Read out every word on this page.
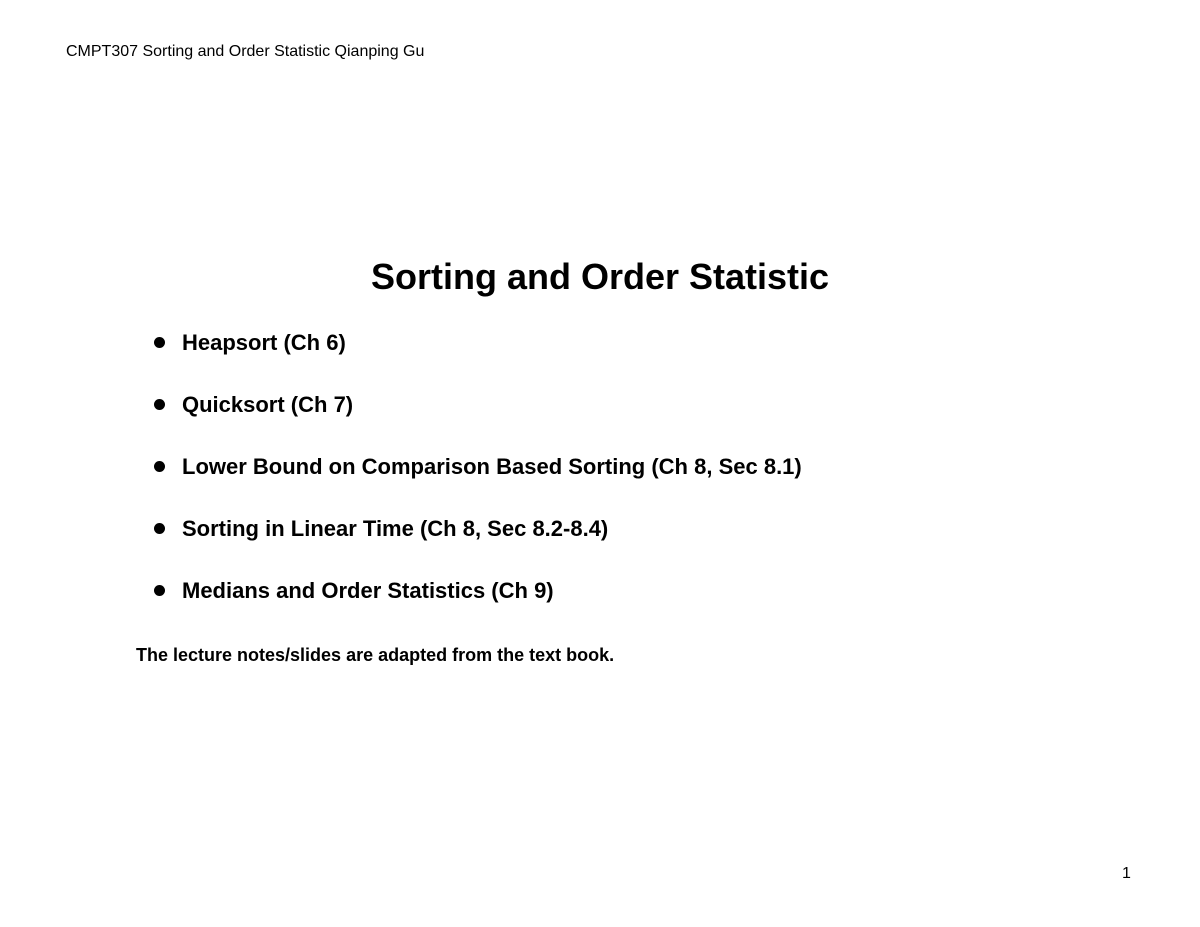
CMPT307 Sorting and Order Statistic Qianping Gu
Sorting and Order Statistic
Heapsort (Ch 6)
Quicksort (Ch 7)
Lower Bound on Comparison Based Sorting (Ch 8, Sec 8.1)
Sorting in Linear Time (Ch 8, Sec 8.2-8.4)
Medians and Order Statistics (Ch 9)
The lecture notes/slides are adapted from the text book.
1
